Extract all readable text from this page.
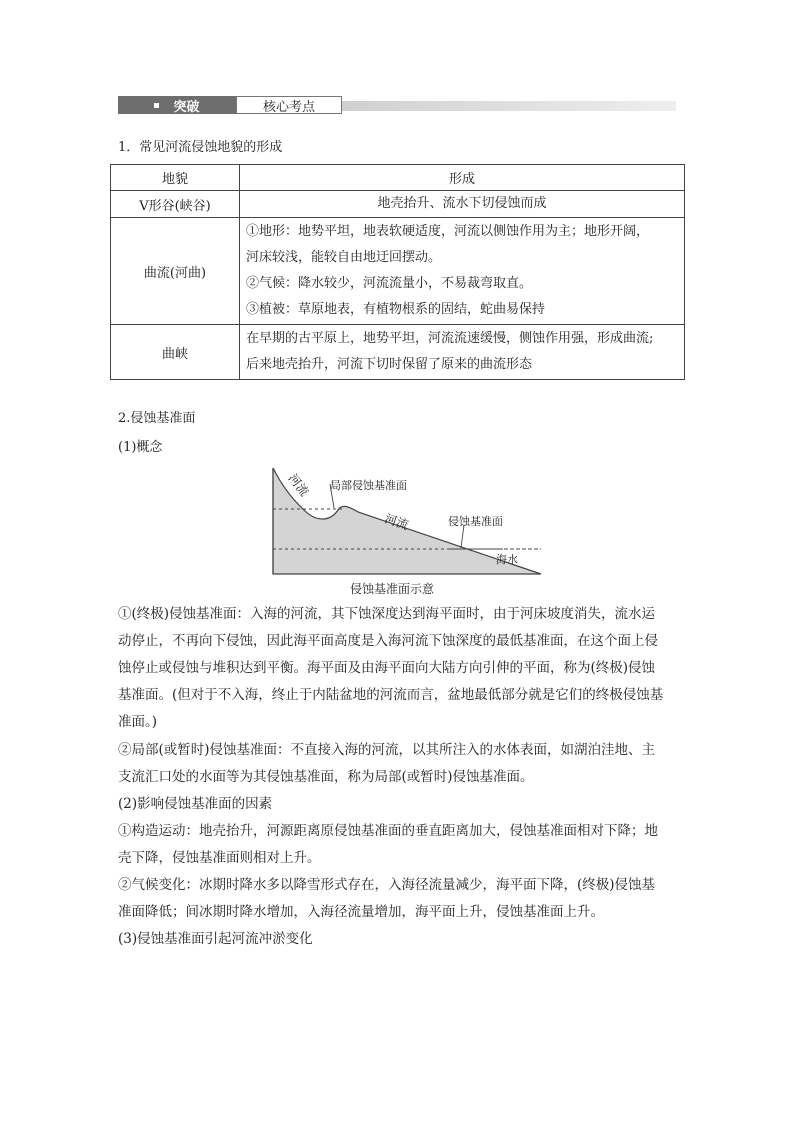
突破	核心考点
1．常见河流侵蚀地貌的形成
地貌	形成
V形谷(峡谷)	地壳抬升、流水下切侵蚀而成

曲流(河曲)	①地形：地势平坦，地表软硬适度，河流以侧蚀作用为主；地形开阔，
河床较浅，能较自由地迂回摆动。
②气候：降水较少，河流流量小，不易裁弯取直。
③植被：草原地表，有植物根系的固结，蛇曲易保持

曲峡	在早期的古平原上，地势平坦，河流流速缓慢，侧蚀作用强，形成曲流;
后来地壳抬升，河流下切时保留了原来的曲流形态
2.侵蚀基准面
(1)概念
河流 局部侵蚀基准面
河流	侵蚀基准面
海水
侵蚀基准面示意
①(终极)侵蚀基准面：入海的河流，其下蚀深度达到海平面时，由于河床坡度消失，流水运
动停止，不再向下侵蚀，因此海平面高度是入海河流下蚀深度的最低基准面，在这个面上侵
蚀停止或侵蚀与堆积达到平衡。海平面及由海平面向大陆方向引伸的平面，称为(终极)侵蚀
基准面。(但对于不入海，终止于内陆盆地的河流而言，盆地最低部分就是它们的终极侵蚀基
准面。)
②局部(或暂时)侵蚀基准面：不直接入海的河流，以其所注入的水体表面，如湖泊洼地、主
支流汇口处的水面等为其侵蚀基准面，称为局部(或暂时)侵蚀基准面。
(2)影响侵蚀基准面的因素
①构造运动：地壳抬升，河源距离原侵蚀基准面的垂直距离加大，侵蚀基准面相对下降；地
壳下降，侵蚀基准面则相对上升。
②气候变化：冰期时降水多以降雪形式存在，入海径流量减少，海平面下降，(终极)侵蚀基
准面降低；间冰期时降水增加，入海径流量增加，海平面上升，侵蚀基准面上升。
(3)侵蚀基准面引起河流冲淤变化
